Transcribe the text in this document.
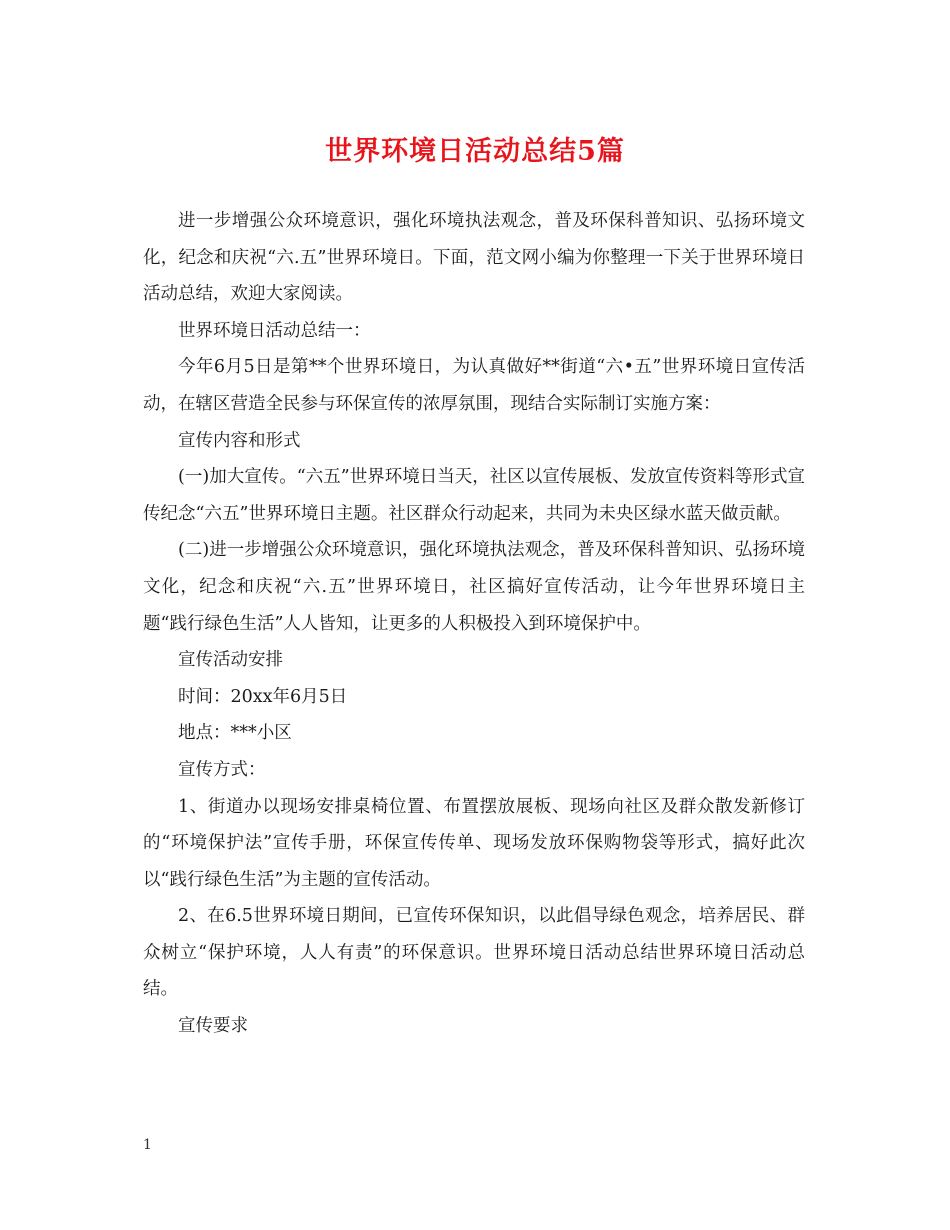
世界环境日活动总结5篇

进一步增强公众环境意识，强化环境执法观念，普及环保科普知识、弘扬环境文化，纪念和庆祝“六.五”世界环境日。下面，范文网小编为你整理一下关于世界环境日活动总结，欢迎大家阅读。

世界环境日活动总结一：

今年6月5日是第**个世界环境日，为认真做好**街道“六•五”世界环境日宣传活动，在辖区营造全民参与环保宣传的浓厚氛围，现结合实际制订实施方案：

宣传内容和形式

(一)加大宣传。“六五”世界环境日当天，社区以宣传展板、发放宣传资料等形式宣传纪念“六五”世界环境日主题。社区群众行动起来，共同为未央区绿水蓝天做贡献。

(二)进一步增强公众环境意识，强化环境执法观念，普及环保科普知识、弘扬环境文化，纪念和庆祝“六.五”世界环境日，社区搞好宣传活动，让今年世界环境日主题“践行绿色生活”人人皆知，让更多的人积极投入到环境保护中。

宣传活动安排

时间：20xx年6月5日

地点：***小区

宣传方式：

1、街道办以现场安排桌椅位置、布置摆放展板、现场向社区及群众散发新修订的“环境保护法”宣传手册，环保宣传传单、现场发放环保购物袋等形式，搞好此次以“践行绿色生活”为主题的宣传活动。

2、在6.5世界环境日期间，已宣传环保知识，以此倡导绿色观念，培养居民、群众树立“保护环境，人人有责”的环保意识。世界环境日活动总结世界环境日活动总结。

宣传要求

1
